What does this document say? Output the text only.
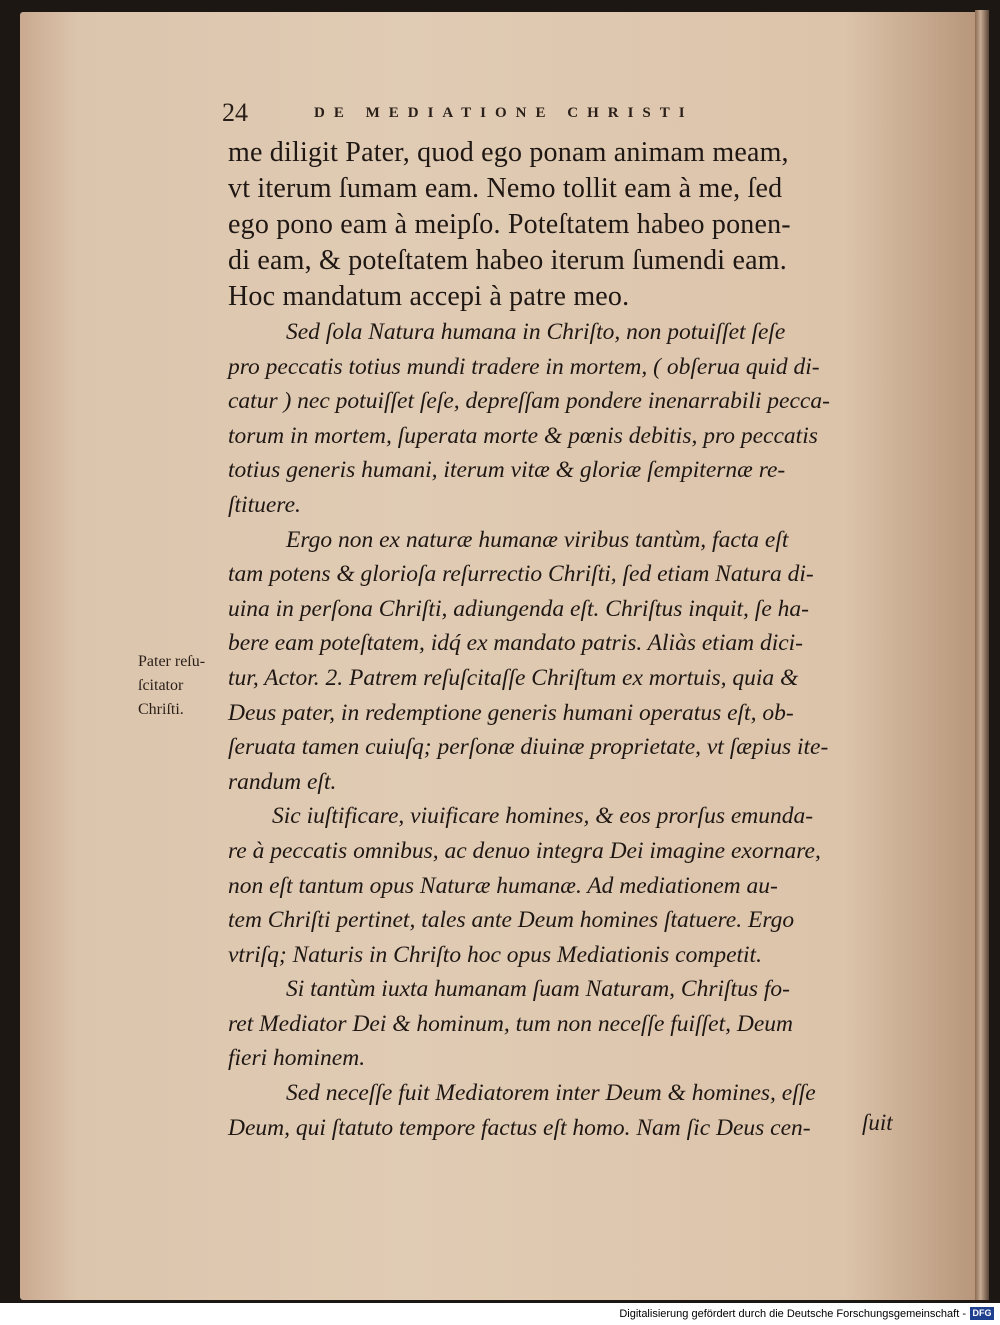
24	DE MEDIATIONE CHRISTI
me diligit Pater, quod ego ponam animam meam,
vt iterum ſumam eam. Nemo tollit eam à me, ſed
ego pono eam à meipſo. Poteſtatem habeo ponen-
di eam, & poteſtatem habeo iterum ſumendi eam.
Hoc mandatum accepi à patre meo.
Sed ſola Natura humana in Chriſto, non potuiſſet ſeſe
pro peccatis totius mundi tradere in mortem, ( obſerua quid di-
catur ) nec potuiſſet ſeſe, depreſſam pondere inenarrabili pecca-
torum in mortem, ſuperata morte & pœnis debitis, pro peccatis
totius generis humani, iterum vitæ & gloriæ ſempiternæ re-
ſtituere.
Ergo non ex naturæ humanæ viribus tantùm, facta eſt
tam potens & glorioſa reſurrectio Chriſti, ſed etiam Natura di-
uina in perſona Chriſti, adiungenda eſt. Chriſtus inquit, ſe ha-
bere eam poteſtatem, idq́ ex mandato patris. Aliàs etiam dici-
tur, Actor. 2. Patrem reſuſcitaſſe Chriſtum ex mortuis, quia &
Deus pater, in redemptione generis humani operatus eſt, ob-
ſeruata tamen cuiuſq; perſonæ diuinæ proprietate, vt ſæpius ite-
randum eſt.
Sic iuſtificare, viuificare homines, & eos prorſus emunda-
re à peccatis omnibus, ac denuo integra Dei imagine exornare,
non eſt tantum opus Naturæ humanæ. Ad mediationem au-
tem Chriſti pertinet, tales ante Deum homines ſtatuere. Ergo
vtriſq; Naturis in Chriſto hoc opus Mediationis competit.
Si tantùm iuxta humanam ſuam Naturam, Chriſtus fo-
ret Mediator Dei & hominum, tum non neceſſe fuiſſet, Deum
fieri hominem.
Sed neceſſe fuit Mediatorem inter Deum & homines, eſſe
Deum, qui ſtatuto tempore factus eſt homo. Nam ſic Deus cen-	ſuit
Pater reſu-
ſcitator
Chriſti.
Digitalisierung gefördert durch die Deutsche Forschungsgemeinschaft - DFG
